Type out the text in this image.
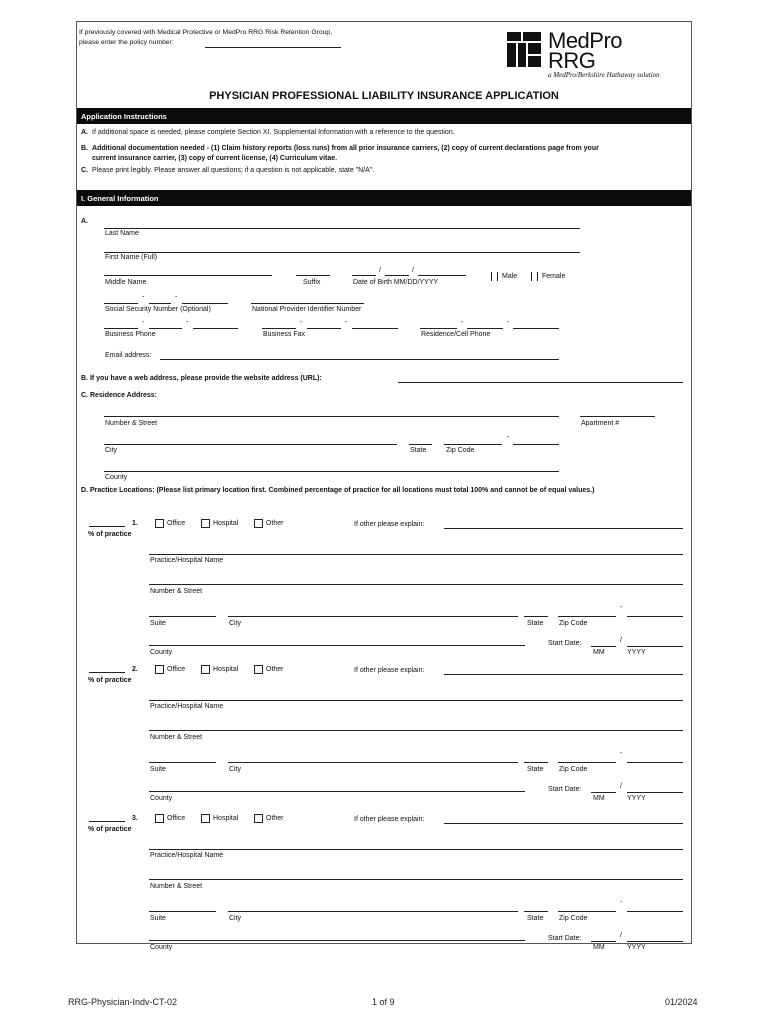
If previously covered with Medical Protective or MedPro RRG Risk Retention Group,
please enter the policy number:	MedPro
RRG
a MedPro/Berkshire Hathaway solution
PHYSICIAN PROFESSIONAL LIABILITY INSURANCE APPLICATION
Application Instructions
A. If additional space is needed, please complete Section XI. Supplemental Information with a reference to the question.
B. Additional documentation needed - (1) Claim history reports (loss runs) from all prior insurance carriers, (2) copy of current declarations page from your
current insurance carrier, (3) copy of current license, (4) Curriculum vitae.
C. Please print legibly. Please answer all questions; if a question is not applicable, state "N/A".
I. General Information
A.
Last Name
First Name (Full)
Middle Name	Suffix
/	/
Date of Birth MM/DD/YYYY
Male	Female
-	-
Social Security Number (Optional)	National Provider Identifier Number
-	-
Business Phone
-	-
Business Fax
-	-
Residence/Cell Phone
Email address:
B. If you have a web address, please provide the website address (URL):
C. Residence Address:
Number & Street	Apartment #
City	State	Zip Code
-
County
D. Practice Locations: (Please list primary location first. Combined percentage of practice for all locations must total 100% and cannot be of equal values.)
1.
% of practice
Office	Hospital	Other	If other please explain:
Practice/Hospital Name
Number & Street
Suite	City	State Zip Code
-
County
Start Date:	/
MM	YYYY
2.
% of practice
Office	Hospital	Other	If other please explain:
Practice/Hospital Name
Number & Street
Suite	City	State Zip Code
-
County
Start Date:	/
MM	YYYY
3.
% of practice
Office	Hospital	Other	If other please explain:
Practice/Hospital Name
Number & Street
Suite	City	State Zip Code
-
County
Start Date:	/
MM	YYYY
RRG-Physician-Indv-CT-02	1 of 9	01/2024
